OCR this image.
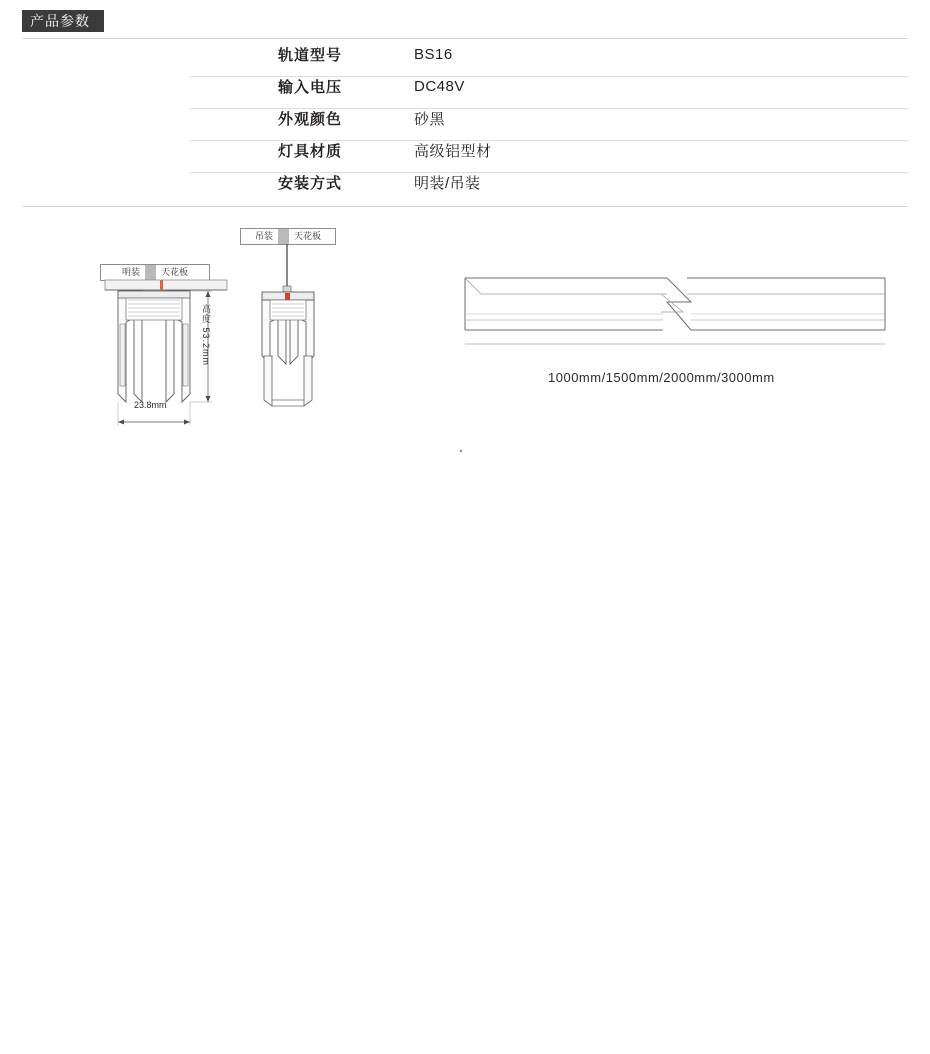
产品参数
轨道型号	BS16
输入电压	DC48V
外观颜色	砂黑
灯具材质	高级铝型材
安装方式	明装/吊装
明装 天花板
高度 53.2mm
23.8mm
吊装 天花板
1000mm/1500mm/2000mm/3000mm
